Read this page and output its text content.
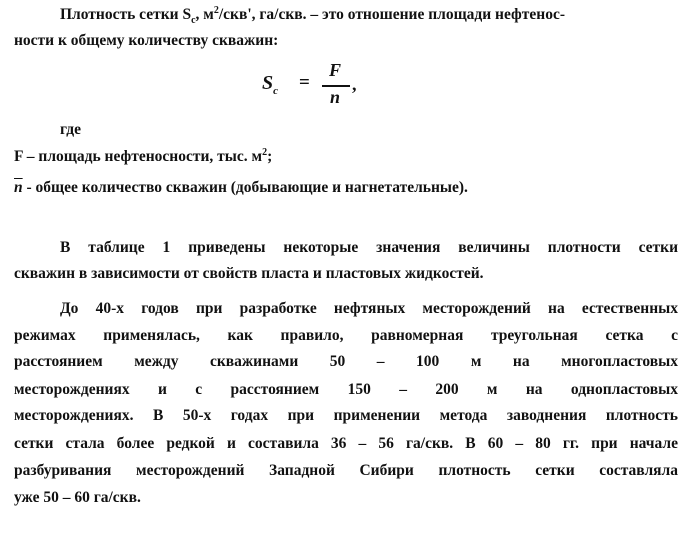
Плотность сетки $S_c$, $м^2/скв'$, га/скв. – это отношение площади нефтенос-
ности к общему количеству скважин:
$S_c$ =
F
$\overline{n}$
,
где
F – площадь нефтеносности, тыс. $м^2$;
$\overline{n}$ - общее количество скважин (добывающие и нагнетательные).
В таблице 1 приведены некоторые значения величины плотности сетки
скважин в зависимости от свойств пласта и пластовых жидкостей.
До 40-х годов при разработке нефтяных месторождений на естественных
режимах применялась, как правило, равномерная треугольная сетка с
расстоянием между скважинами 50 – 100 м на многопластовых
месторождениях и с расстоянием 150 – 200 м на однопластовых
месторождениях. В 50-х годах при применении метода заводнения плотность
сетки стала более редкой и составила 36 – 56 га/скв. В 60 – 80 гг. при начале
разбуривания месторождений Западной Сибири плотность сетки составляла
уже 50 – 60 га/скв.
